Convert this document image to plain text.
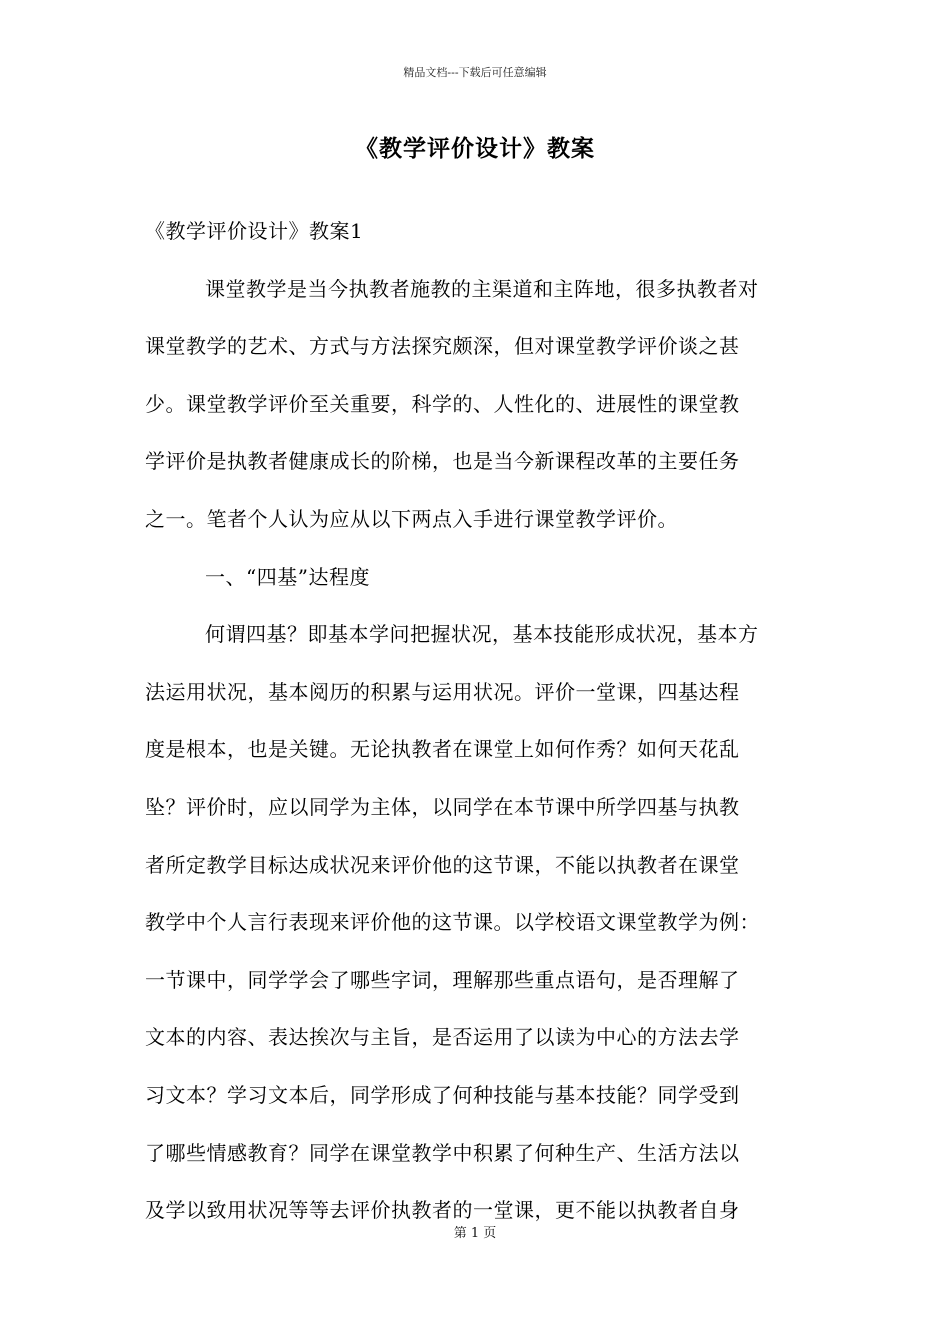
精品文档---下载后可任意编辑
《教学评价设计》教案
《教学评价设计》教案1
课堂教学是当今执教者施教的主渠道和主阵地，很多执教者对
课堂教学的艺术、方式与方法探究颇深，但对课堂教学评价谈之甚
少。课堂教学评价至关重要，科学的、人性化的、进展性的课堂教
学评价是执教者健康成长的阶梯，也是当今新课程改革的主要任务
之一。笔者个人认为应从以下两点入手进行课堂教学评价。
一、“四基”达程度
何谓四基？即基本学问把握状况，基本技能形成状况，基本方
法运用状况，基本阅历的积累与运用状况。评价一堂课，四基达程
度是根本，也是关键。无论执教者在课堂上如何作秀？如何天花乱
坠？评价时，应以同学为主体，以同学在本节课中所学四基与执教
者所定教学目标达成状况来评价他的这节课，不能以执教者在课堂
教学中个人言行表现来评价他的这节课。以学校语文课堂教学为例：
一节课中，同学学会了哪些字词，理解那些重点语句，是否理解了
文本的内容、表达挨次与主旨，是否运用了以读为中心的方法去学
习文本？学习文本后，同学形成了何种技能与基本技能？同学受到
了哪些情感教育？同学在课堂教学中积累了何种生产、生活方法以
及学以致用状况等等去评价执教者的一堂课，更不能以执教者自身
第 1 页
